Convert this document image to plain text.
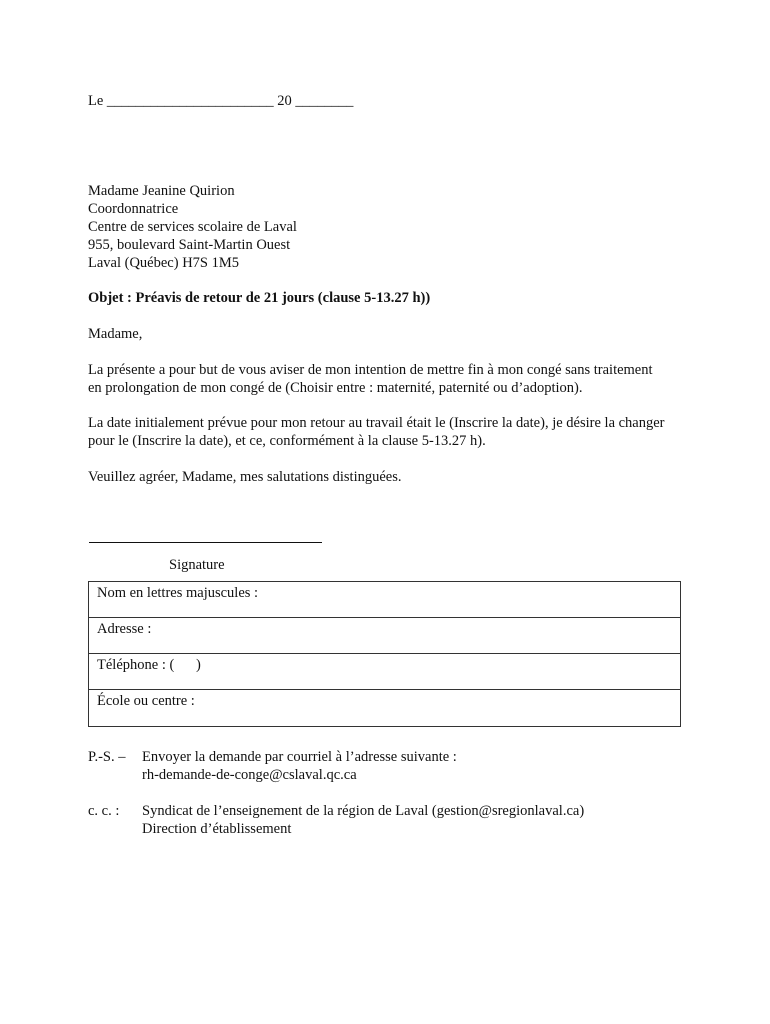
Le _______________________ 20 ________
Madame Jeanine Quirion
Coordonnatrice
Centre de services scolaire de Laval
955, boulevard Saint-Martin Ouest
Laval (Québec) H7S 1M5
Objet : Préavis de retour de 21 jours (clause 5-13.27 h))
Madame,
La présente a pour but de vous aviser de mon intention de mettre fin à mon congé sans traitement
en prolongation de mon congé de (Choisir entre : maternité, paternité ou d’adoption).
La date initialement prévue pour mon retour au travail était le (Inscrire la date), je désire la changer
pour le (Inscrire la date), et ce, conformément à la clause 5-13.27 h).
Veuillez agréer, Madame, mes salutations distinguées.
Signature
Nom en lettres majuscules :
Adresse :
Téléphone : (      )
École ou centre :
P.-S. – Envoyer la demande par courriel à l’adresse suivante :
rh-demande-de-conge@cslaval.qc.ca
c. c. : Syndicat de l’enseignement de la région de Laval (gestion@sregionlaval.ca)
Direction d’établissement
